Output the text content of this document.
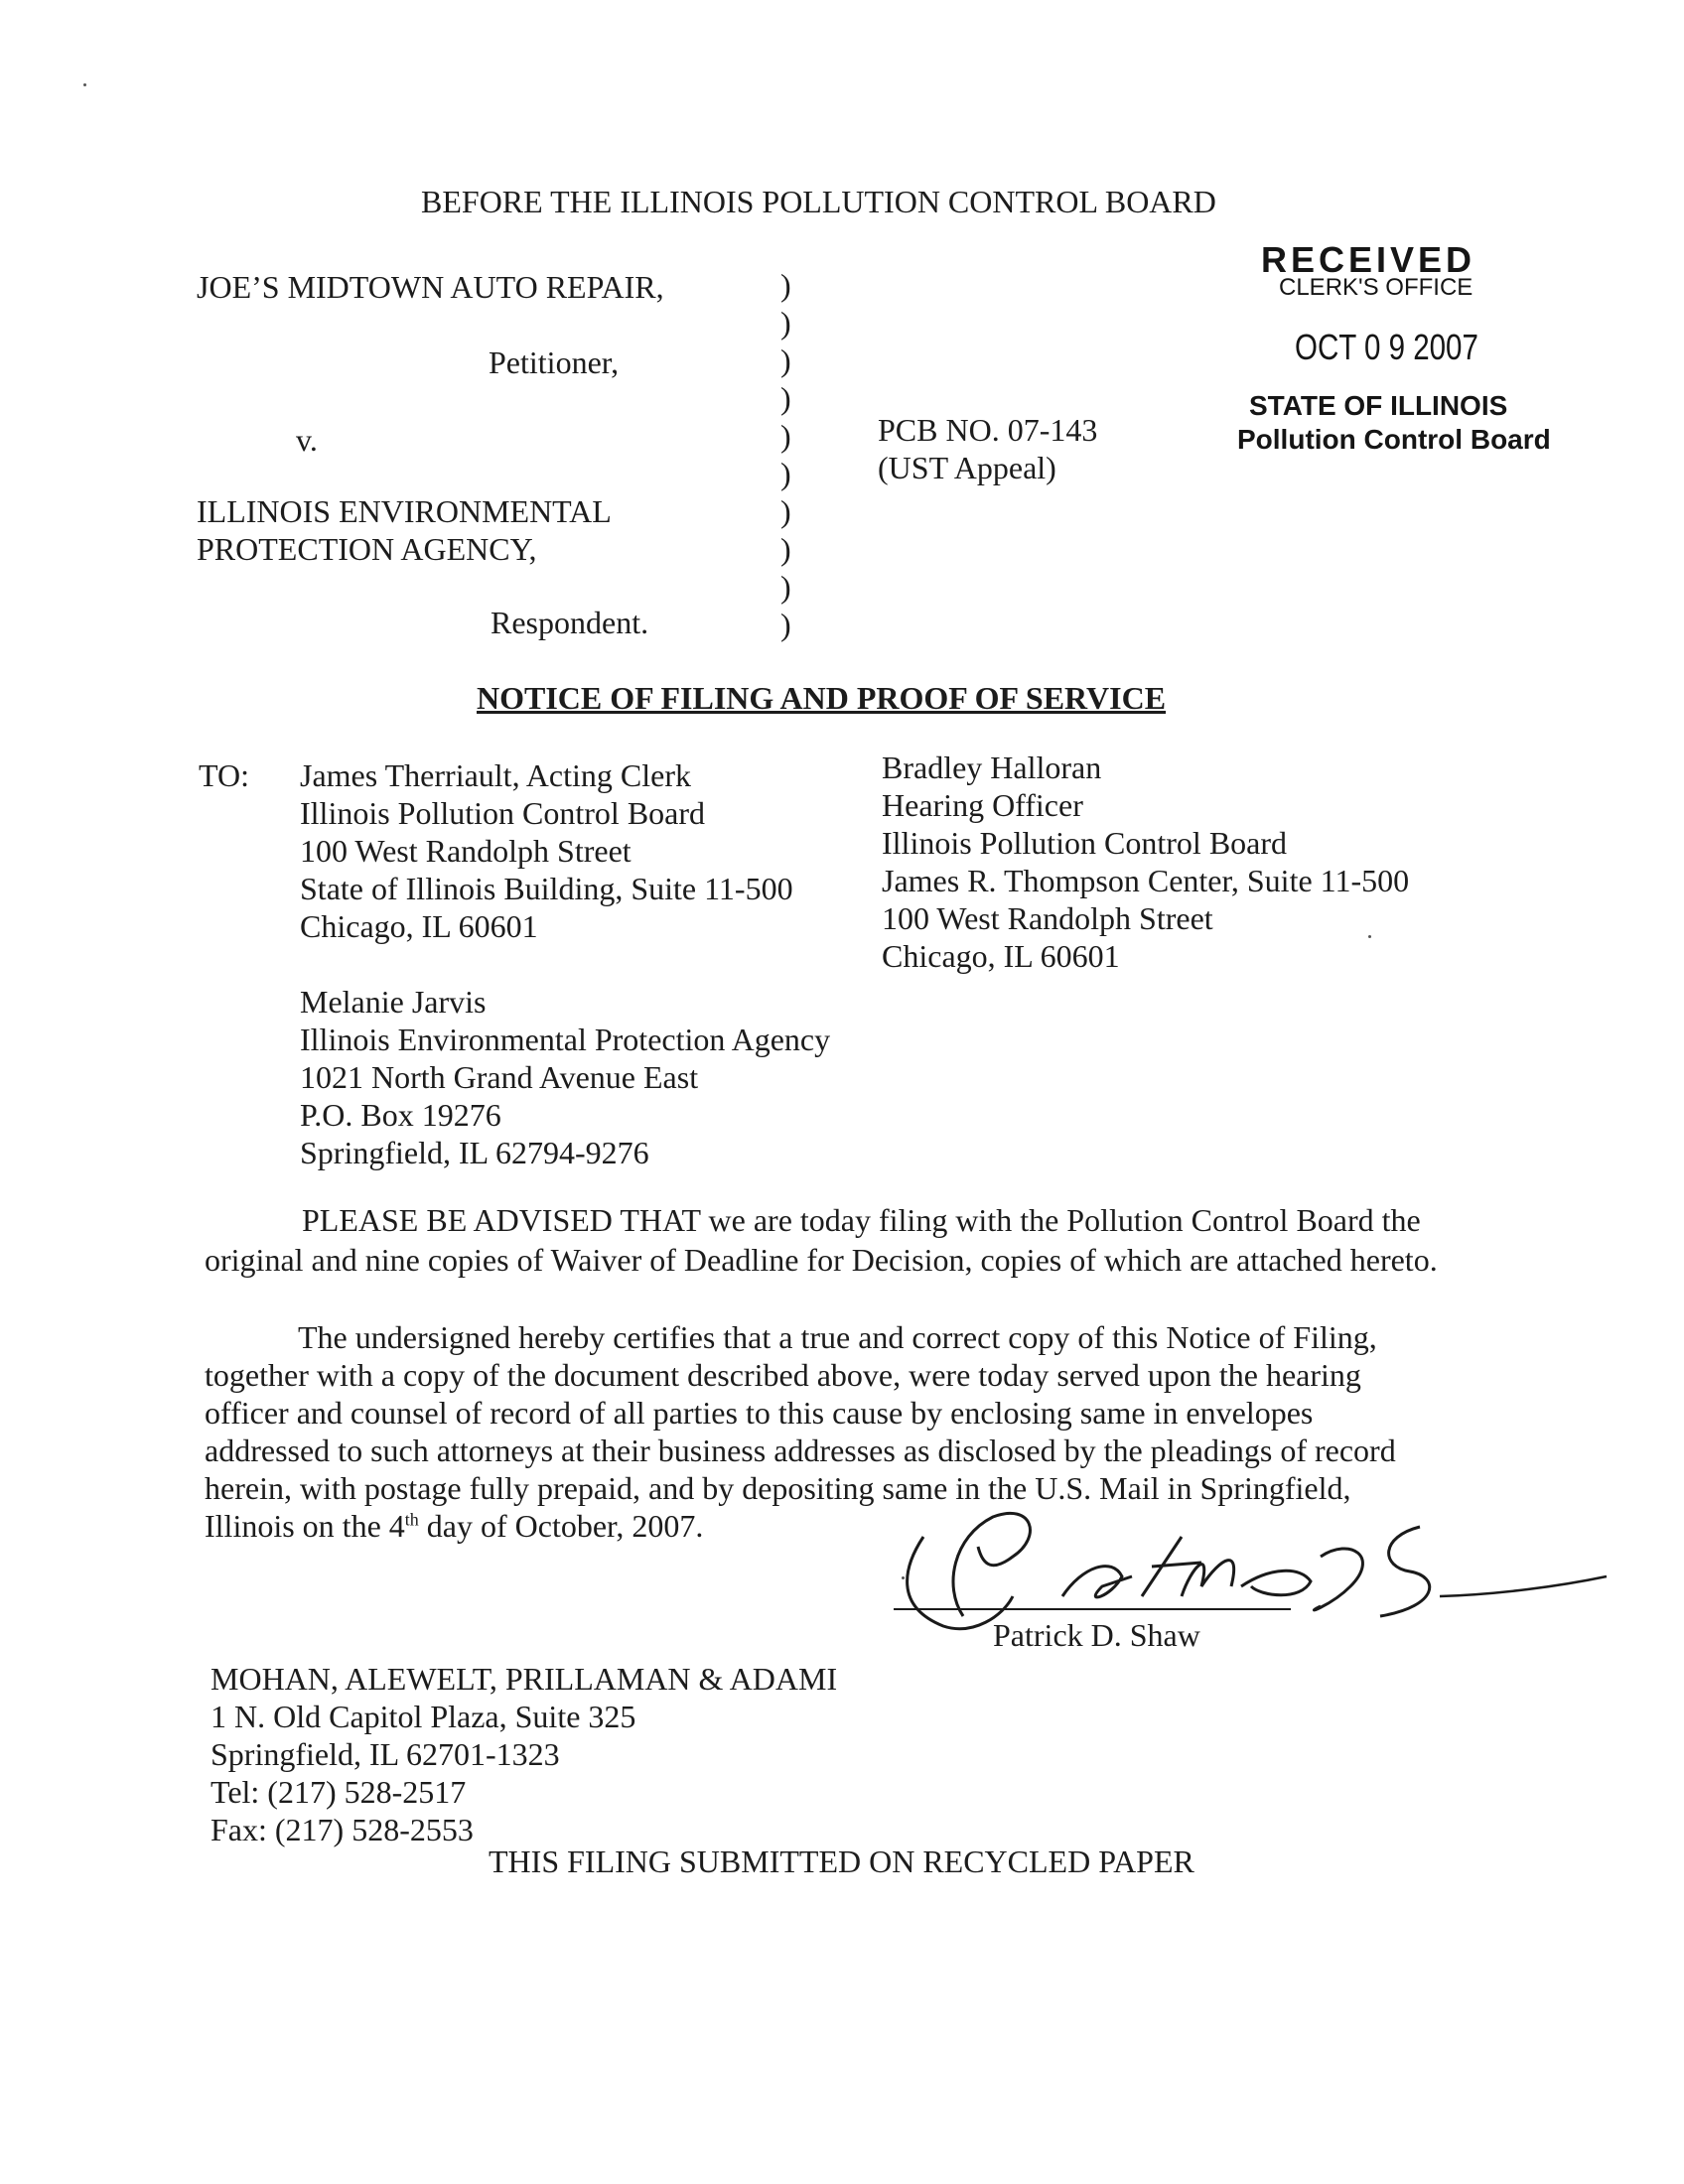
BEFORE THE ILLINOIS POLLUTION CONTROL BOARD
JOE’S MIDTOWN AUTO REPAIR,
Petitioner,
v.
ILLINOIS ENVIRONMENTAL
PROTECTION AGENCY,
Respondent.
)
)
)
)
)
)
)
)
)
)
PCB NO. 07-143
(UST Appeal)
RECEIVED
CLERK'S OFFICE
OCT 0 9 2007
STATE OF ILLINOIS
Pollution Control Board
NOTICE OF FILING AND PROOF OF SERVICE
TO: James Therriault, Acting Clerk
Illinois Pollution Control Board
100 West Randolph Street
State of Illinois Building, Suite 11-500
Chicago, IL 60601
Bradley Halloran
Hearing Officer
Illinois Pollution Control Board
James R. Thompson Center, Suite 11-500
100 West Randolph Street
Chicago, IL 60601
Melanie Jarvis
Illinois Environmental Protection Agency
1021 North Grand Avenue East
P.O. Box 19276
Springfield, IL 62794-9276
PLEASE BE ADVISED THAT we are today filing with the Pollution Control Board the
original and nine copies of Waiver of Deadline for Decision, copies of which are attached hereto.
The undersigned hereby certifies that a true and correct copy of this Notice of Filing,
together with a copy of the document described above, were today served upon the hearing
officer and counsel of record of all parties to this cause by enclosing same in envelopes
addressed to such attorneys at their business addresses as disclosed by the pleadings of record
herein, with postage fully prepaid, and by depositing same in the U.S. Mail in Springfield,
Illinois on the 4th day of October, 2007.
Patrick D. Shaw
MOHAN, ALEWELT, PRILLAMAN & ADAMI
1 N. Old Capitol Plaza, Suite 325
Springfield, IL 62701-1323
Tel: (217) 528-2517
Fax: (217) 528-2553
THIS FILING SUBMITTED ON RECYCLED PAPER
